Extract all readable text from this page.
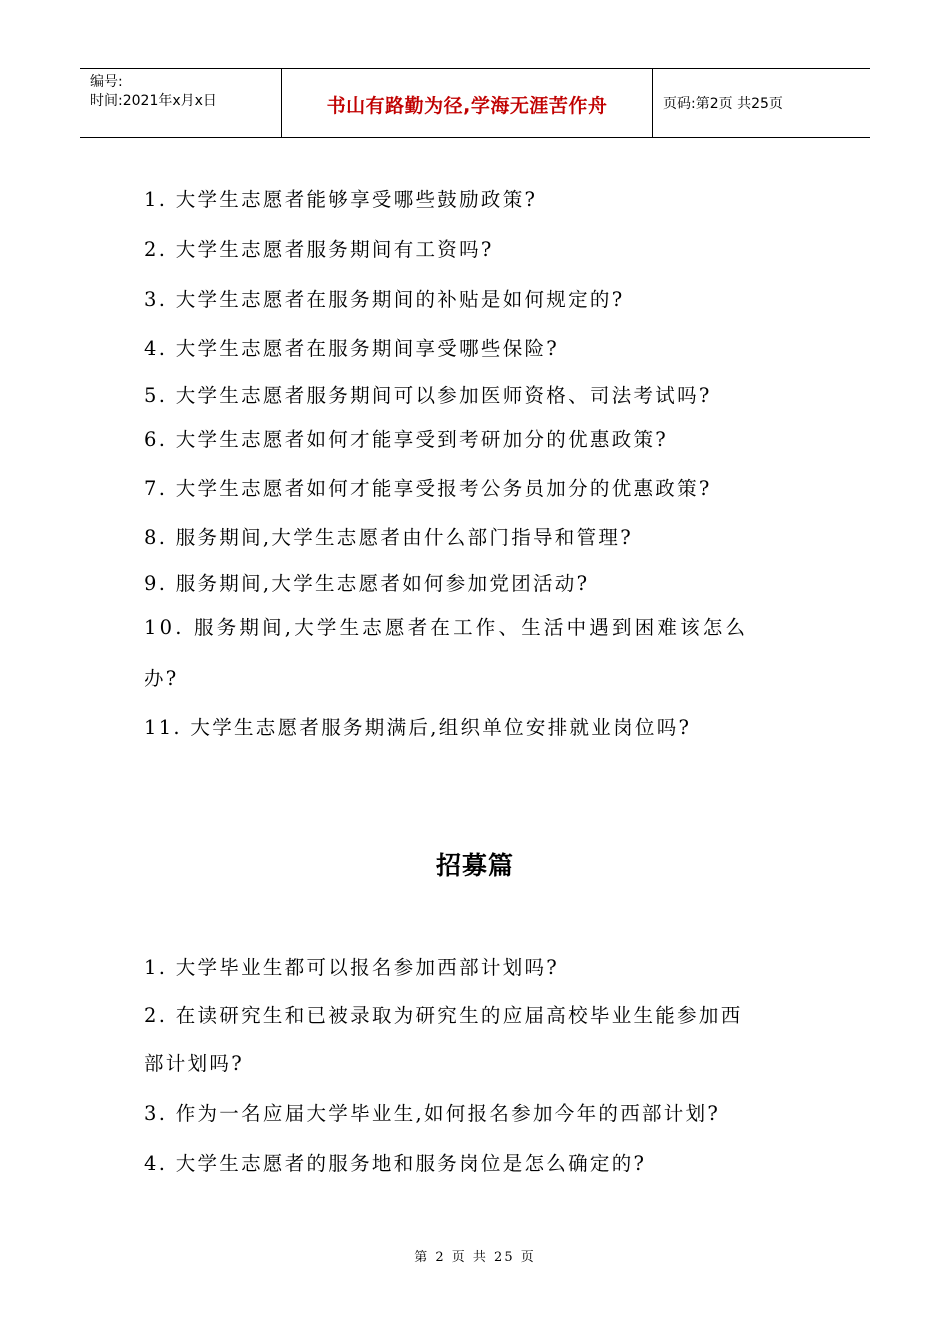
编号:
时间:2021年x月x日	书山有路勤为径,学海无涯苦作舟	页码:第2页 共25页
1. 大学生志愿者能够享受哪些鼓励政策?
2. 大学生志愿者服务期间有工资吗?
3. 大学生志愿者在服务期间的补贴是如何规定的?
4. 大学生志愿者在服务期间享受哪些保险?
5. 大学生志愿者服务期间可以参加医师资格、司法考试吗?
6. 大学生志愿者如何才能享受到考研加分的优惠政策?
7. 大学生志愿者如何才能享受报考公务员加分的优惠政策?
8. 服务期间,大学生志愿者由什么部门指导和管理?
9. 服务期间,大学生志愿者如何参加党团活动?
10. 服务期间,大学生志愿者在工作、生活中遇到困难该怎么
办?
11. 大学生志愿者服务期满后,组织单位安排就业岗位吗?
招募篇
1. 大学毕业生都可以报名参加西部计划吗?
2. 在读研究生和已被录取为研究生的应届高校毕业生能参加西
部计划吗?
3. 作为一名应届大学毕业生,如何报名参加今年的西部计划?
4. 大学生志愿者的服务地和服务岗位是怎么确定的?
第 2 页 共 25 页
